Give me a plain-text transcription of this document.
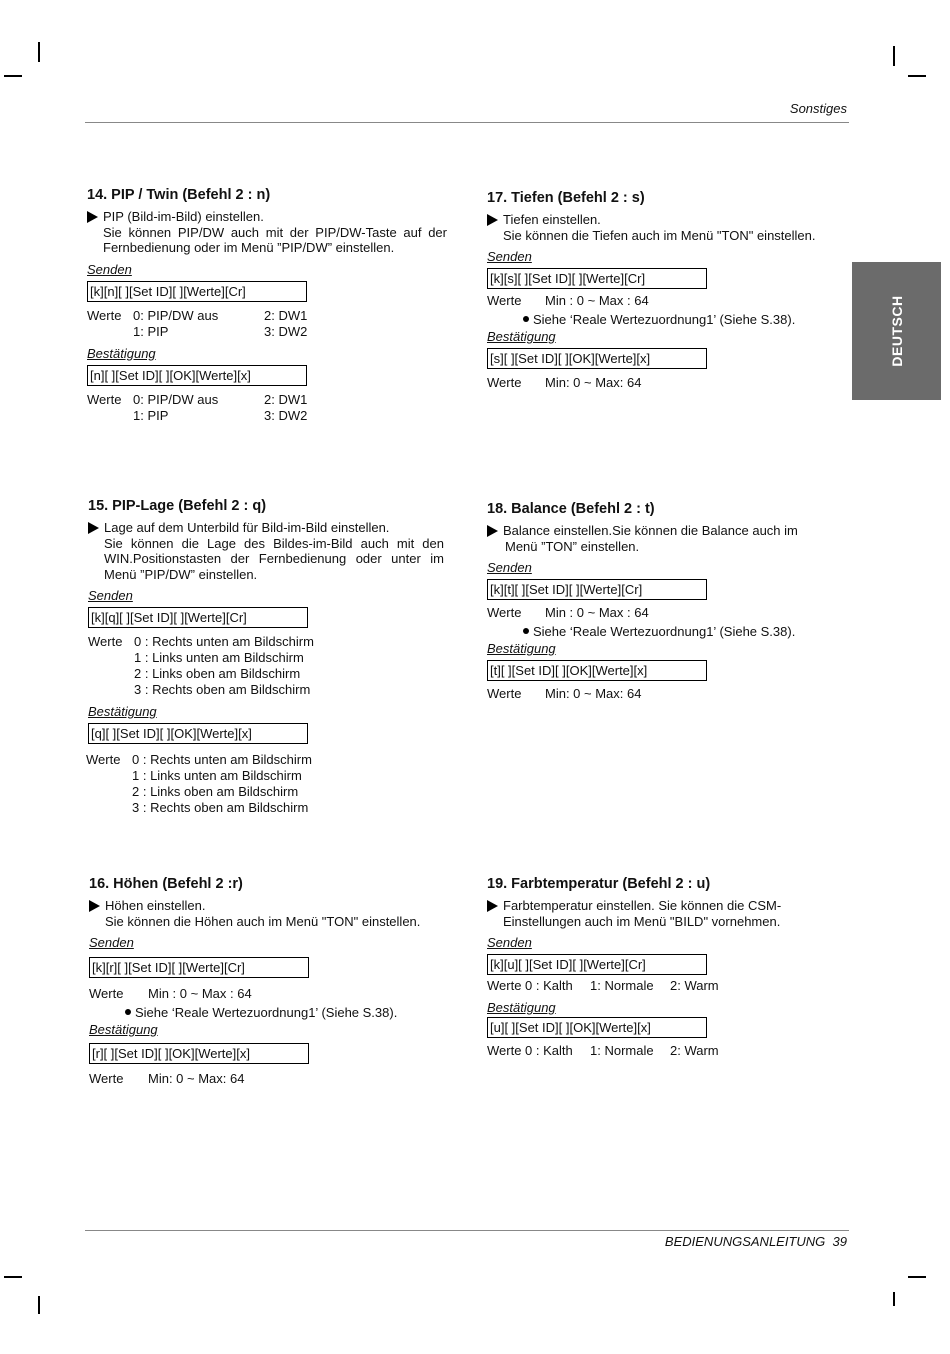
Sonstiges
BEDIENUNGSANLEITUNG 39
DEUTSCH
14. PIP / Twin (Befehl 2 : n)
PIP (Bild-im-Bild) einstellen.
Sie können PIP/DW auch mit der PIP/DW-Taste auf der Fernbedienung oder im Menü ”PIP/DW” einstellen.
Senden
[k][n][ ][Set ID][ ][Werte][Cr]
Werte 0: PIP/DW aus	2: DW1
1: PIP	3: DW2
Bestätigung
[n][ ][Set ID][ ][OK][Werte][x]
Werte 0: PIP/DW aus	2: DW1
1: PIP	3: DW2
15. PIP-Lage (Befehl 2 : q)
Lage auf dem Unterbild für Bild-im-Bild einstellen.
Sie können die Lage des Bildes-im-Bild auch mit den WIN.Positionstasten der Fernbedienung oder unter im Menü ”PIP/DW” einstellen.
Senden
[k][q][ ][Set ID][ ][Werte][Cr]
Werte 0 : Rechts unten am Bildschirm
1 : Links unten am Bildschirm
2 : Links oben am Bildschirm
3 : Rechts oben am Bildschirm
Bestätigung
[q][ ][Set ID][ ][OK][Werte][x]
Werte 0 : Rechts unten am Bildschirm
1 : Links unten am Bildschirm
2 : Links oben am Bildschirm
3 : Rechts oben am Bildschirm
16. Höhen (Befehl 2 :r)
Höhen einstellen.
Sie können die Höhen auch im Menü "TON" einstellen.
Senden
[k][r][ ][Set ID][ ][Werte][Cr]
Werte	Min : 0 ~ Max : 64
Siehe ‘Reale Wertezuordnung1’ (Siehe S.38).
Bestätigung
[r][ ][Set ID][ ][OK][Werte][x]
Werte	Min: 0 ~ Max: 64
17. Tiefen (Befehl 2 : s)
Tiefen einstellen.
Sie können die Tiefen auch im Menü "TON" einstellen.
Senden
[k][s][ ][Set ID][ ][Werte][Cr]
Werte	Min : 0 ~ Max : 64
Siehe ‘Reale Wertezuordnung1’ (Siehe S.38).
Bestätigung
[s][ ][Set ID][ ][OK][Werte][x]
Werte	Min: 0 ~ Max: 64
18. Balance (Befehl 2 : t)
Balance einstellen.Sie können die Balance auch im
Menü ”TON” einstellen.
Senden
[k][t][ ][Set ID][ ][Werte][Cr]
Werte	Min : 0 ~ Max : 64
Siehe ‘Reale Wertezuordnung1’ (Siehe S.38).
Bestätigung
[t][ ][Set ID][ ][OK][Werte][x]
Werte	Min: 0 ~ Max: 64
19. Farbtemperatur (Befehl 2 : u)
Farbtemperatur einstellen. Sie können die CSM-
Einstellungen auch im Menü "BILD" vornehmen.
Senden
[k][u][ ][Set ID][ ][Werte][Cr]
Werte 0 : Kalth	1: Normale	2: Warm
Bestätigung
[u][ ][Set ID][ ][OK][Werte][x]
Werte 0 : Kalth	1: Normale	2: Warm
